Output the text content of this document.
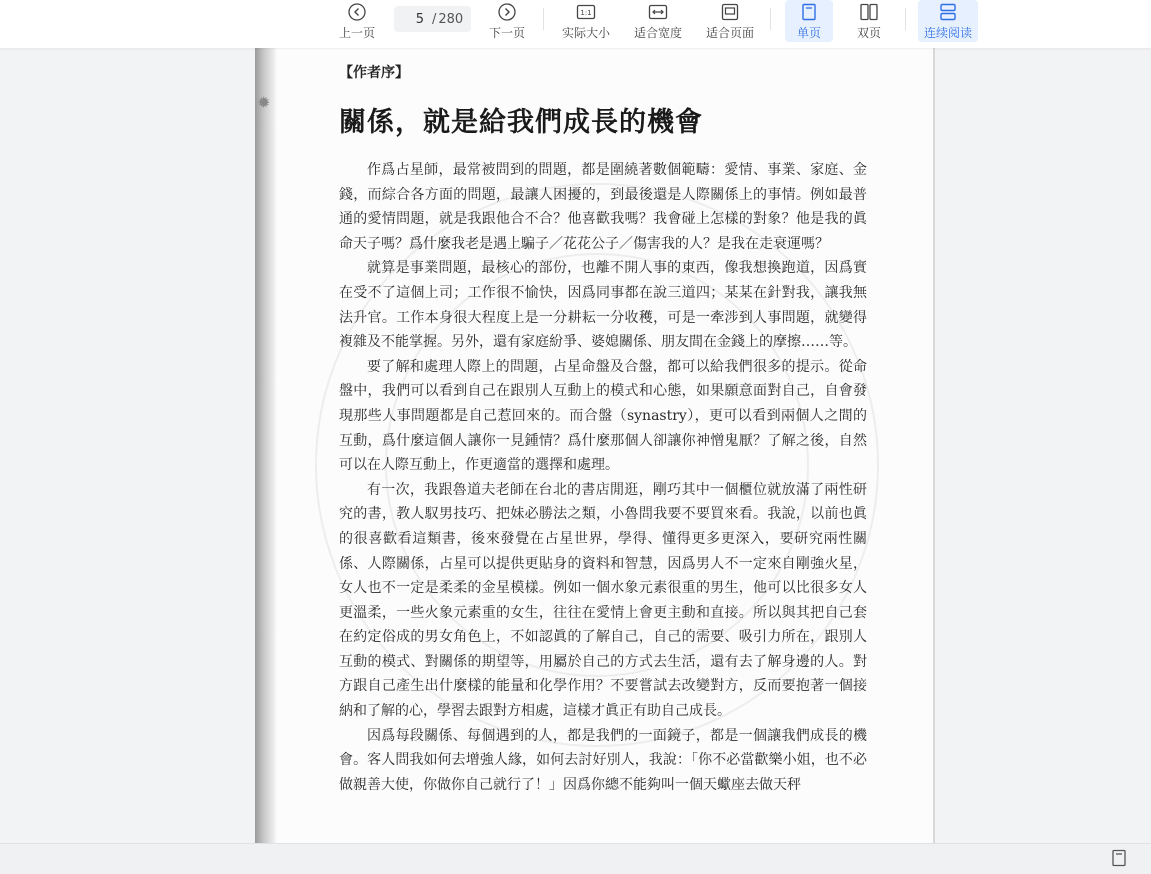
上一页
5
/ 280
下一页
1:1
实际大小 适合宽度 适合页面	单页	双页	连续阅读
✹
【作者序】
關係，就是給我們成長的機會

作爲占星師，最常被問到的問題，都是圍繞著數個範疇：愛情、事業、家庭、金錢，而綜合各方面的問題，最讓人困擾的，到最後還是人際關係上的事情。例如最普通的愛情問題，就是我跟他合不合？他喜歡我嗎？我會碰上怎樣的對象？他是我的眞命天子嗎？爲什麼我老是遇上騙子／花花公子／傷害我的人？是我在走衰運嗎？

就算是事業問題，最核心的部份，也離不開人事的東西，像我想換跑道，因爲實在受不了這個上司；工作很不愉快，因爲同事都在說三道四；某某在針對我，讓我無法升官。工作本身很大程度上是一分耕耘一分收穫，可是一牽涉到人事問題，就變得複雜及不能掌握。另外，還有家庭紛爭、婆媳關係、朋友間在金錢上的摩擦……等。

要了解和處理人際上的問題，占星命盤及合盤，都可以給我們很多的提示。從命盤中，我們可以看到自己在跟別人互動上的模式和心態，如果願意面對自己，自會發現那些人事問題都是自己惹回來的。而合盤（synastry），更可以看到兩個人之間的互動，爲什麼這個人讓你一見鍾情？爲什麼那個人卻讓你神憎鬼厭？了解之後，自然可以在人際互動上，作更適當的選擇和處理。

有一次，我跟魯道夫老師在台北的書店閒逛，剛巧其中一個櫃位就放滿了兩性研究的書，教人馭男技巧、把妹必勝法之類，小魯問我要不要買來看。我說，以前也眞的很喜歡看這類書，後來發覺在占星世界，學得、懂得更多更深入，要研究兩性關係、人際關係，占星可以提供更貼身的資料和智慧，因爲男人不一定來自剛強火星，女人也不一定是柔柔的金星模樣。例如一個水象元素很重的男生，他可以比很多女人更溫柔，一些火象元素重的女生，往往在愛情上會更主動和直接。所以與其把自己套在約定俗成的男女角色上，不如認眞的了解自己，自己的需要、吸引力所在，跟別人互動的模式、對關係的期望等，用屬於自己的方式去生活，還有去了解身邊的人。對方跟自己產生出什麼樣的能量和化學作用？不要嘗試去改變對方，反而要抱著一個接納和了解的心，學習去跟對方相處，這樣才眞正有助自己成長。

因爲每段關係、每個遇到的人，都是我們的一面鏡子，都是一個讓我們成長的機會。客人問我如何去增強人緣，如何去討好別人，我說：「你不必當歡樂小姐，也不必做親善大使，你做你自己就行了！」因爲你總不能夠叫一個天蠍座去做天秤
